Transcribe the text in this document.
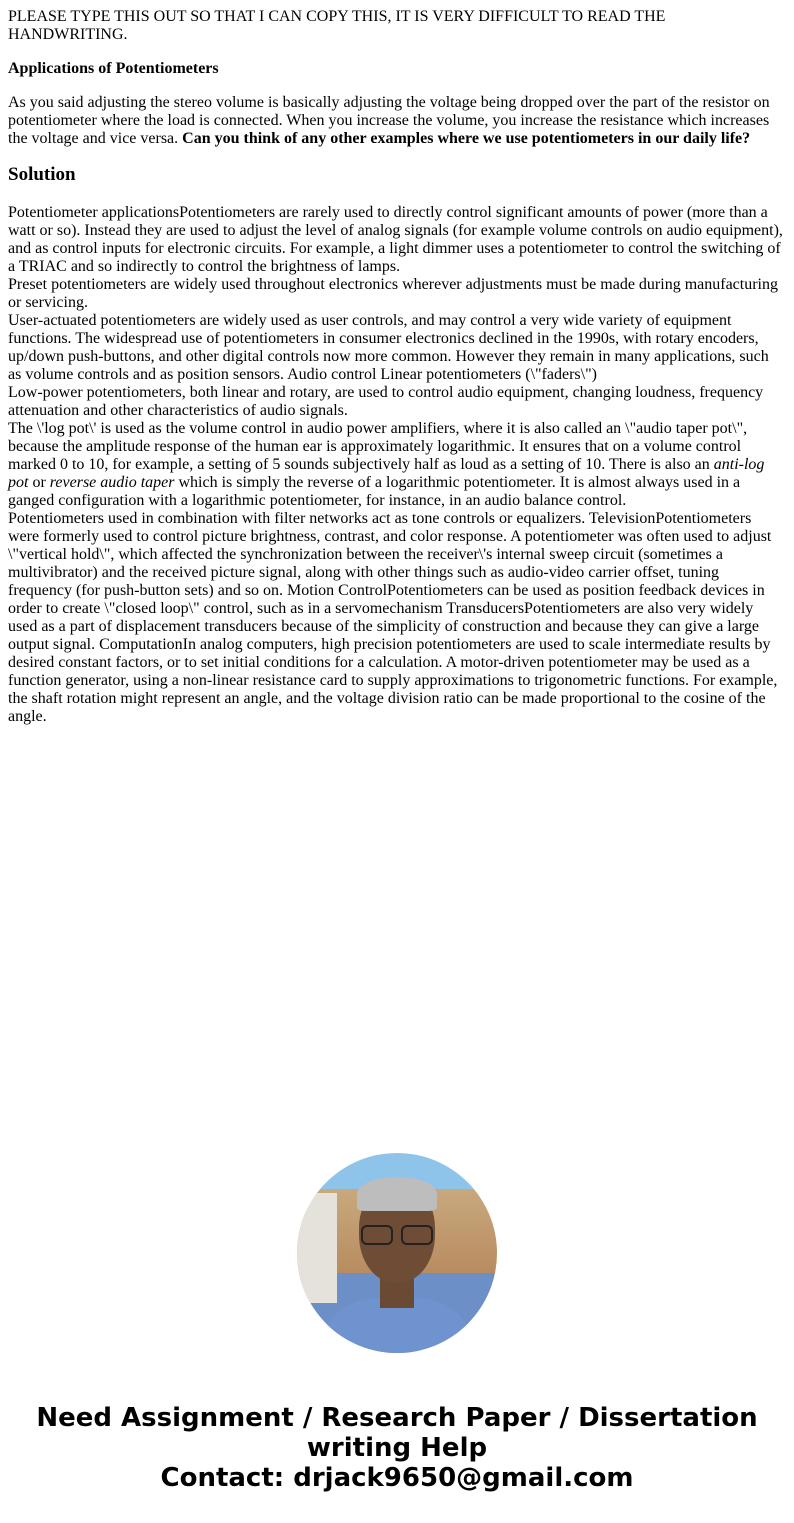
PLEASE TYPE THIS OUT SO THAT I CAN COPY THIS, IT IS VERY DIFFICULT TO READ THE HANDWRITING.

Applications of Potentiometers

As you said adjusting the stereo volume is basically adjusting the voltage being dropped over the part of the resistor on potentiometer where the load is connected. When you increase the volume, you increase the resistance which increases the voltage and vice versa. Can you think of any other examples where we use potentiometers in our daily life?

Solution
Potentiometer applicationsPotentiometers are rarely used to directly control significant amounts of power (more than a watt or so). Instead they are used to adjust the level of analog signals (for example volume controls on audio equipment), and as control inputs for electronic circuits. For example, a light dimmer uses a potentiometer to control the switching of a TRIAC and so indirectly to control the brightness of lamps.
Preset potentiometers are widely used throughout electronics wherever adjustments must be made during manufacturing or servicing.
User-actuated potentiometers are widely used as user controls, and may control a very wide variety of equipment functions. The widespread use of potentiometers in consumer electronics declined in the 1990s, with rotary encoders, up/down push-buttons, and other digital controls now more common. However they remain in many applications, such as volume controls and as position sensors. Audio control Linear potentiometers (\"faders\")
Low-power potentiometers, both linear and rotary, are used to control audio equipment, changing loudness, frequency attenuation and other characteristics of audio signals.
The \'log pot\' is used as the volume control in audio power amplifiers, where it is also called an \"audio taper pot\", because the amplitude response of the human ear is approximately logarithmic. It ensures that on a volume control marked 0 to 10, for example, a setting of 5 sounds subjectively half as loud as a setting of 10. There is also an anti-log pot or reverse audio taper which is simply the reverse of a logarithmic potentiometer. It is almost always used in a ganged configuration with a logarithmic potentiometer, for instance, in an audio balance control.
Potentiometers used in combination with filter networks act as tone controls or equalizers. TelevisionPotentiometers were formerly used to control picture brightness, contrast, and color response. A potentiometer was often used to adjust \"vertical hold\", which affected the synchronization between the receiver\'s internal sweep circuit (sometimes a multivibrator) and the received picture signal, along with other things such as audio-video carrier offset, tuning frequency (for push-button sets) and so on. Motion ControlPotentiometers can be used as position feedback devices in order to create \"closed loop\" control, such as in a servomechanism TransducersPotentiometers are also very widely used as a part of displacement transducers because of the simplicity of construction and because they can give a large output signal. ComputationIn analog computers, high precision potentiometers are used to scale intermediate results by desired constant factors, or to set initial conditions for a calculation. A motor-driven potentiometer may be used as a function generator, using a non-linear resistance card to supply approximations to trigonometric functions. For example, the shaft rotation might represent an angle, and the voltage division ratio can be made proportional to the cosine of the angle.
Need Assignment / Research Paper / Dissertation writing Help
Contact: drjack9650@gmail.com
